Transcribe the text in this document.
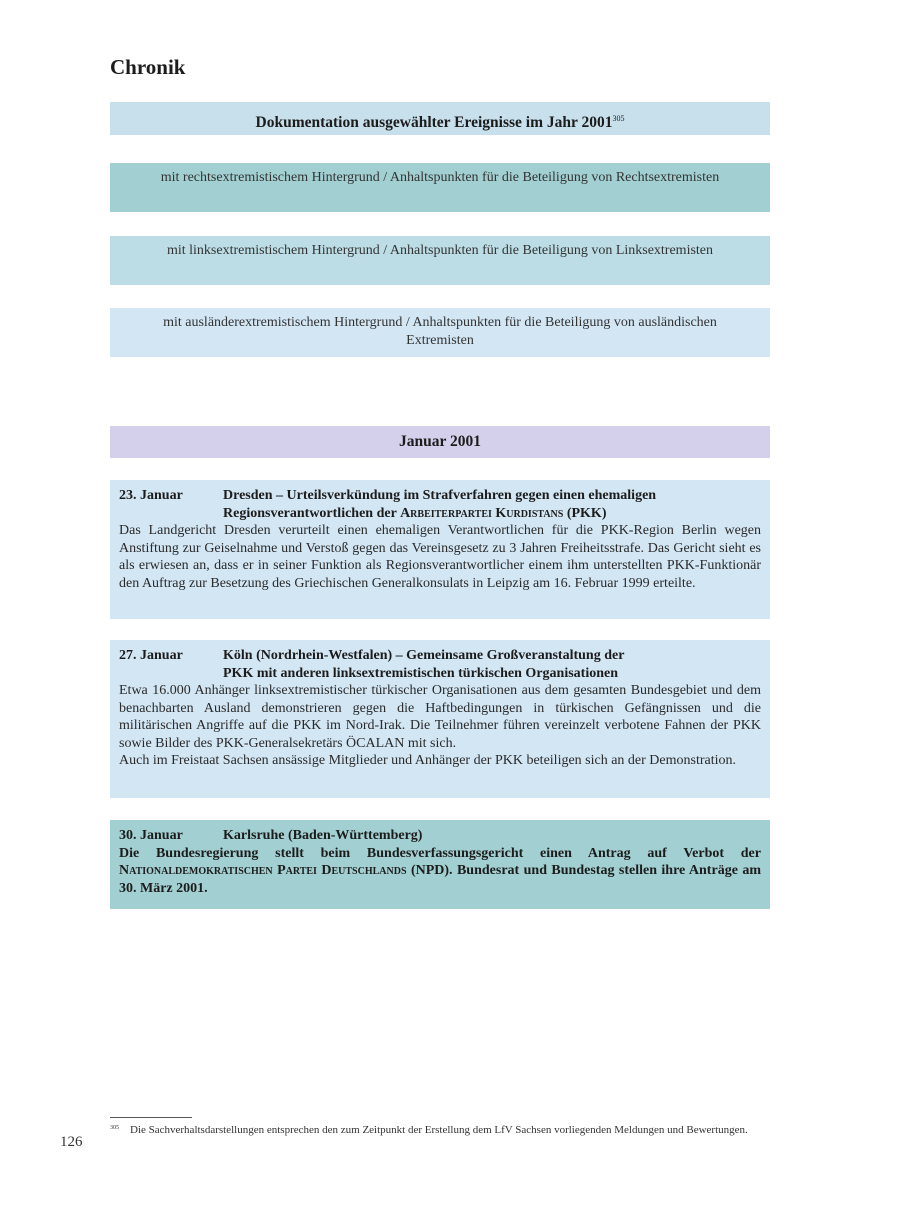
Chronik
Dokumentation ausgewählter Ereignisse im Jahr 2001$^{305}$
mit rechtsextremistischem Hintergrund / Anhaltspunkten für die Beteiligung von Rechtsextremisten
mit linksextremistischem Hintergrund / Anhaltspunkten für die Beteiligung von Linksextremisten
mit ausländerextremistischem Hintergrund / Anhaltspunkten für die Beteiligung von ausländischen Extremisten
Januar 2001
23. Januar	Dresden – Urteilsverkündung im Strafverfahren gegen einen ehemaligen
Regionsverantwortlichen der Arbeiterpartei Kurdistans (PKK)

Das Landgericht Dresden verurteilt einen ehemaligen Verantwortlichen für die PKK-Region Berlin wegen Anstiftung zur Geiselnahme und Verstoß gegen das Vereinsgesetz zu 3 Jahren Freiheitsstrafe. Das Gericht sieht es als erwiesen an, dass er in seiner Funktion als Regionsverantwortlicher einem ihm unterstellten PKK-Funktionär den Auftrag zur Besetzung des Griechischen Generalkonsulats in Leipzig am 16. Februar 1999 erteilte.

27. Januar	Köln (Nordrhein-Westfalen) – Gemeinsame Großveranstaltung der
PKK mit anderen linksextremistischen türkischen Organisationen

Etwa 16.000 Anhänger linksextremistischer türkischer Organisationen aus dem gesamten Bundesgebiet und dem benachbarten Ausland demonstrieren gegen die Haftbedingungen in türkischen Gefängnissen und die militärischen Angriffe auf die PKK im Nord-Irak. Die Teilnehmer führen vereinzelt verbotene Fahnen der PKK sowie Bilder des PKK-Generalsekretärs ÖCALAN mit sich.

Auch im Freistaat Sachsen ansässige Mitglieder und Anhänger der PKK beteiligen sich an der Demonstration.

30. Januar	Karlsruhe (Baden-Württemberg)

Die Bundesregierung stellt beim Bundesverfassungsgericht einen Antrag auf Verbot der Nationaldemokratischen Partei Deutschlands (NPD). Bundesrat und Bundestag stellen ihre Anträge am 30. März 2001.

305	Die Sachverhaltsdarstellungen entsprechen den zum Zeitpunkt der Erstellung dem LfV Sachsen vorliegenden Meldungen und Bewertungen.
126
